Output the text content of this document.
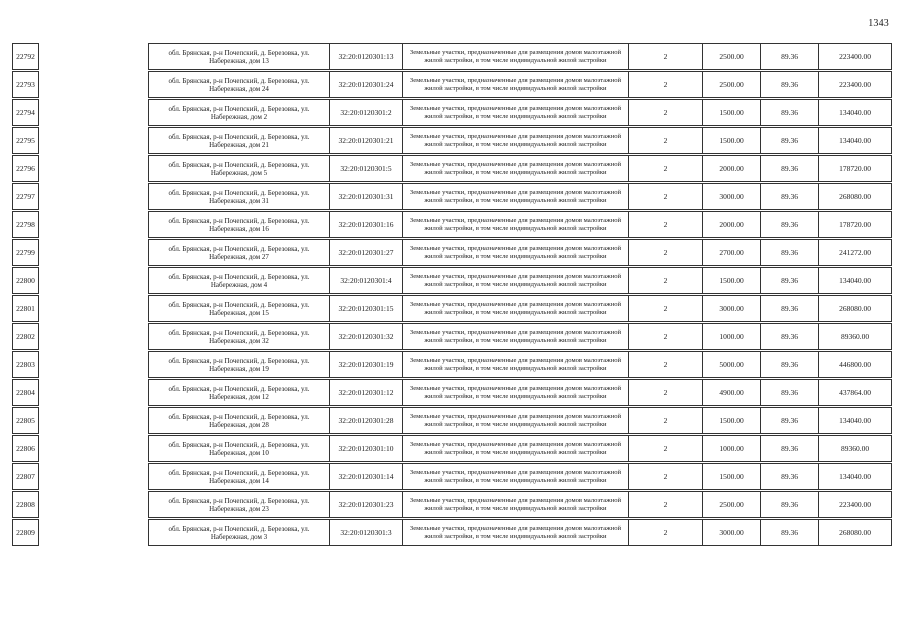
1343
22792	обл. Брянская, р-н Почепский, д. Березовка, ул. Набережная, дом 13	32:20:0120301:13	Земельные участки, предназначенные для размещения домов малоэтажной жилой застройки, в том числе индивидуальной жилой застройки	2	2500.00	89.36	223400.00
22793	обл. Брянская, р-н Почепский, д. Березовка, ул. Набережная, дом 24	32:20:0120301:24	Земельные участки, предназначенные для размещения домов малоэтажной жилой застройки, в том числе индивидуальной жилой застройки	2	2500.00	89.36	223400.00
22794	обл. Брянская, р-н Почепский, д. Березовка, ул. Набережная, дом 2	32:20:0120301:2	Земельные участки, предназначенные для размещения домов малоэтажной жилой застройки, в том числе индивидуальной жилой застройки	2	1500.00	89.36	134040.00
22795	обл. Брянская, р-н Почепский, д. Березовка, ул. Набережная, дом 21	32:20:0120301:21	Земельные участки, предназначенные для размещения домов малоэтажной жилой застройки, в том числе индивидуальной жилой застройки	2	1500.00	89.36	134040.00
22796	обл. Брянская, р-н Почепский, д. Березовка, ул. Набережная, дом 5	32:20:0120301:5	Земельные участки, предназначенные для размещения домов малоэтажной жилой застройки, в том числе индивидуальной жилой застройки	2	2000.00	89.36	178720.00
22797	обл. Брянская, р-н Почепский, д. Березовка, ул. Набережная, дом 31	32:20:0120301:31	Земельные участки, предназначенные для размещения домов малоэтажной жилой застройки, в том числе индивидуальной жилой застройки	2	3000.00	89.36	268080.00
22798	обл. Брянская, р-н Почепский, д. Березовка, ул. Набережная, дом 16	32:20:0120301:16	Земельные участки, предназначенные для размещения домов малоэтажной жилой застройки, в том числе индивидуальной жилой застройки	2	2000.00	89.36	178720.00
22799	обл. Брянская, р-н Почепский, д. Березовка, ул. Набережная, дом 27	32:20:0120301:27	Земельные участки, предназначенные для размещения домов малоэтажной жилой застройки, в том числе индивидуальной жилой застройки	2	2700.00	89.36	241272.00
22800	обл. Брянская, р-н Почепский, д. Березовка, ул. Набережная, дом 4	32:20:0120301:4	Земельные участки, предназначенные для размещения домов малоэтажной жилой застройки, в том числе индивидуальной жилой застройки	2	1500.00	89.36	134040.00
22801	обл. Брянская, р-н Почепский, д. Березовка, ул. Набережная, дом 15	32:20:0120301:15	Земельные участки, предназначенные для размещения домов малоэтажной жилой застройки, в том числе индивидуальной жилой застройки	2	3000.00	89.36	268080.00
22802	обл. Брянская, р-н Почепский, д. Березовка, ул. Набережная, дом 32	32:20:0120301:32	Земельные участки, предназначенные для размещения домов малоэтажной жилой застройки, в том числе индивидуальной жилой застройки	2	1000.00	89.36	89360.00
22803	обл. Брянская, р-н Почепский, д. Березовка, ул. Набережная, дом 19	32:20:0120301:19	Земельные участки, предназначенные для размещения домов малоэтажной жилой застройки, в том числе индивидуальной жилой застройки	2	5000.00	89.36	446800.00
22804	обл. Брянская, р-н Почепский, д. Березовка, ул. Набережная, дом 12	32:20:0120301:12	Земельные участки, предназначенные для размещения домов малоэтажной жилой застройки, в том числе индивидуальной жилой застройки	2	4900.00	89.36	437864.00
22805	обл. Брянская, р-н Почепский, д. Березовка, ул. Набережная, дом 28	32:20:0120301:28	Земельные участки, предназначенные для размещения домов малоэтажной жилой застройки, в том числе индивидуальной жилой застройки	2	1500.00	89.36	134040.00
22806	обл. Брянская, р-н Почепский, д. Березовка, ул. Набережная, дом 10	32:20:0120301:10	Земельные участки, предназначенные для размещения домов малоэтажной жилой застройки, в том числе индивидуальной жилой застройки	2	1000.00	89.36	89360.00
22807	обл. Брянская, р-н Почепский, д. Березовка, ул. Набережная, дом 14	32:20:0120301:14	Земельные участки, предназначенные для размещения домов малоэтажной жилой застройки, в том числе индивидуальной жилой застройки	2	1500.00	89.36	134040.00
22808	обл. Брянская, р-н Почепский, д. Березовка, ул. Набережная, дом 23	32:20:0120301:23	Земельные участки, предназначенные для размещения домов малоэтажной жилой застройки, в том числе индивидуальной жилой застройки	2	2500.00	89.36	223400.00
22809	обл. Брянская, р-н Почепский, д. Березовка, ул. Набережная, дом 3	32:20:0120301:3	Земельные участки, предназначенные для размещения домов малоэтажной жилой застройки, в том числе индивидуальной жилой застройки	2	3000.00	89.36	268080.00
